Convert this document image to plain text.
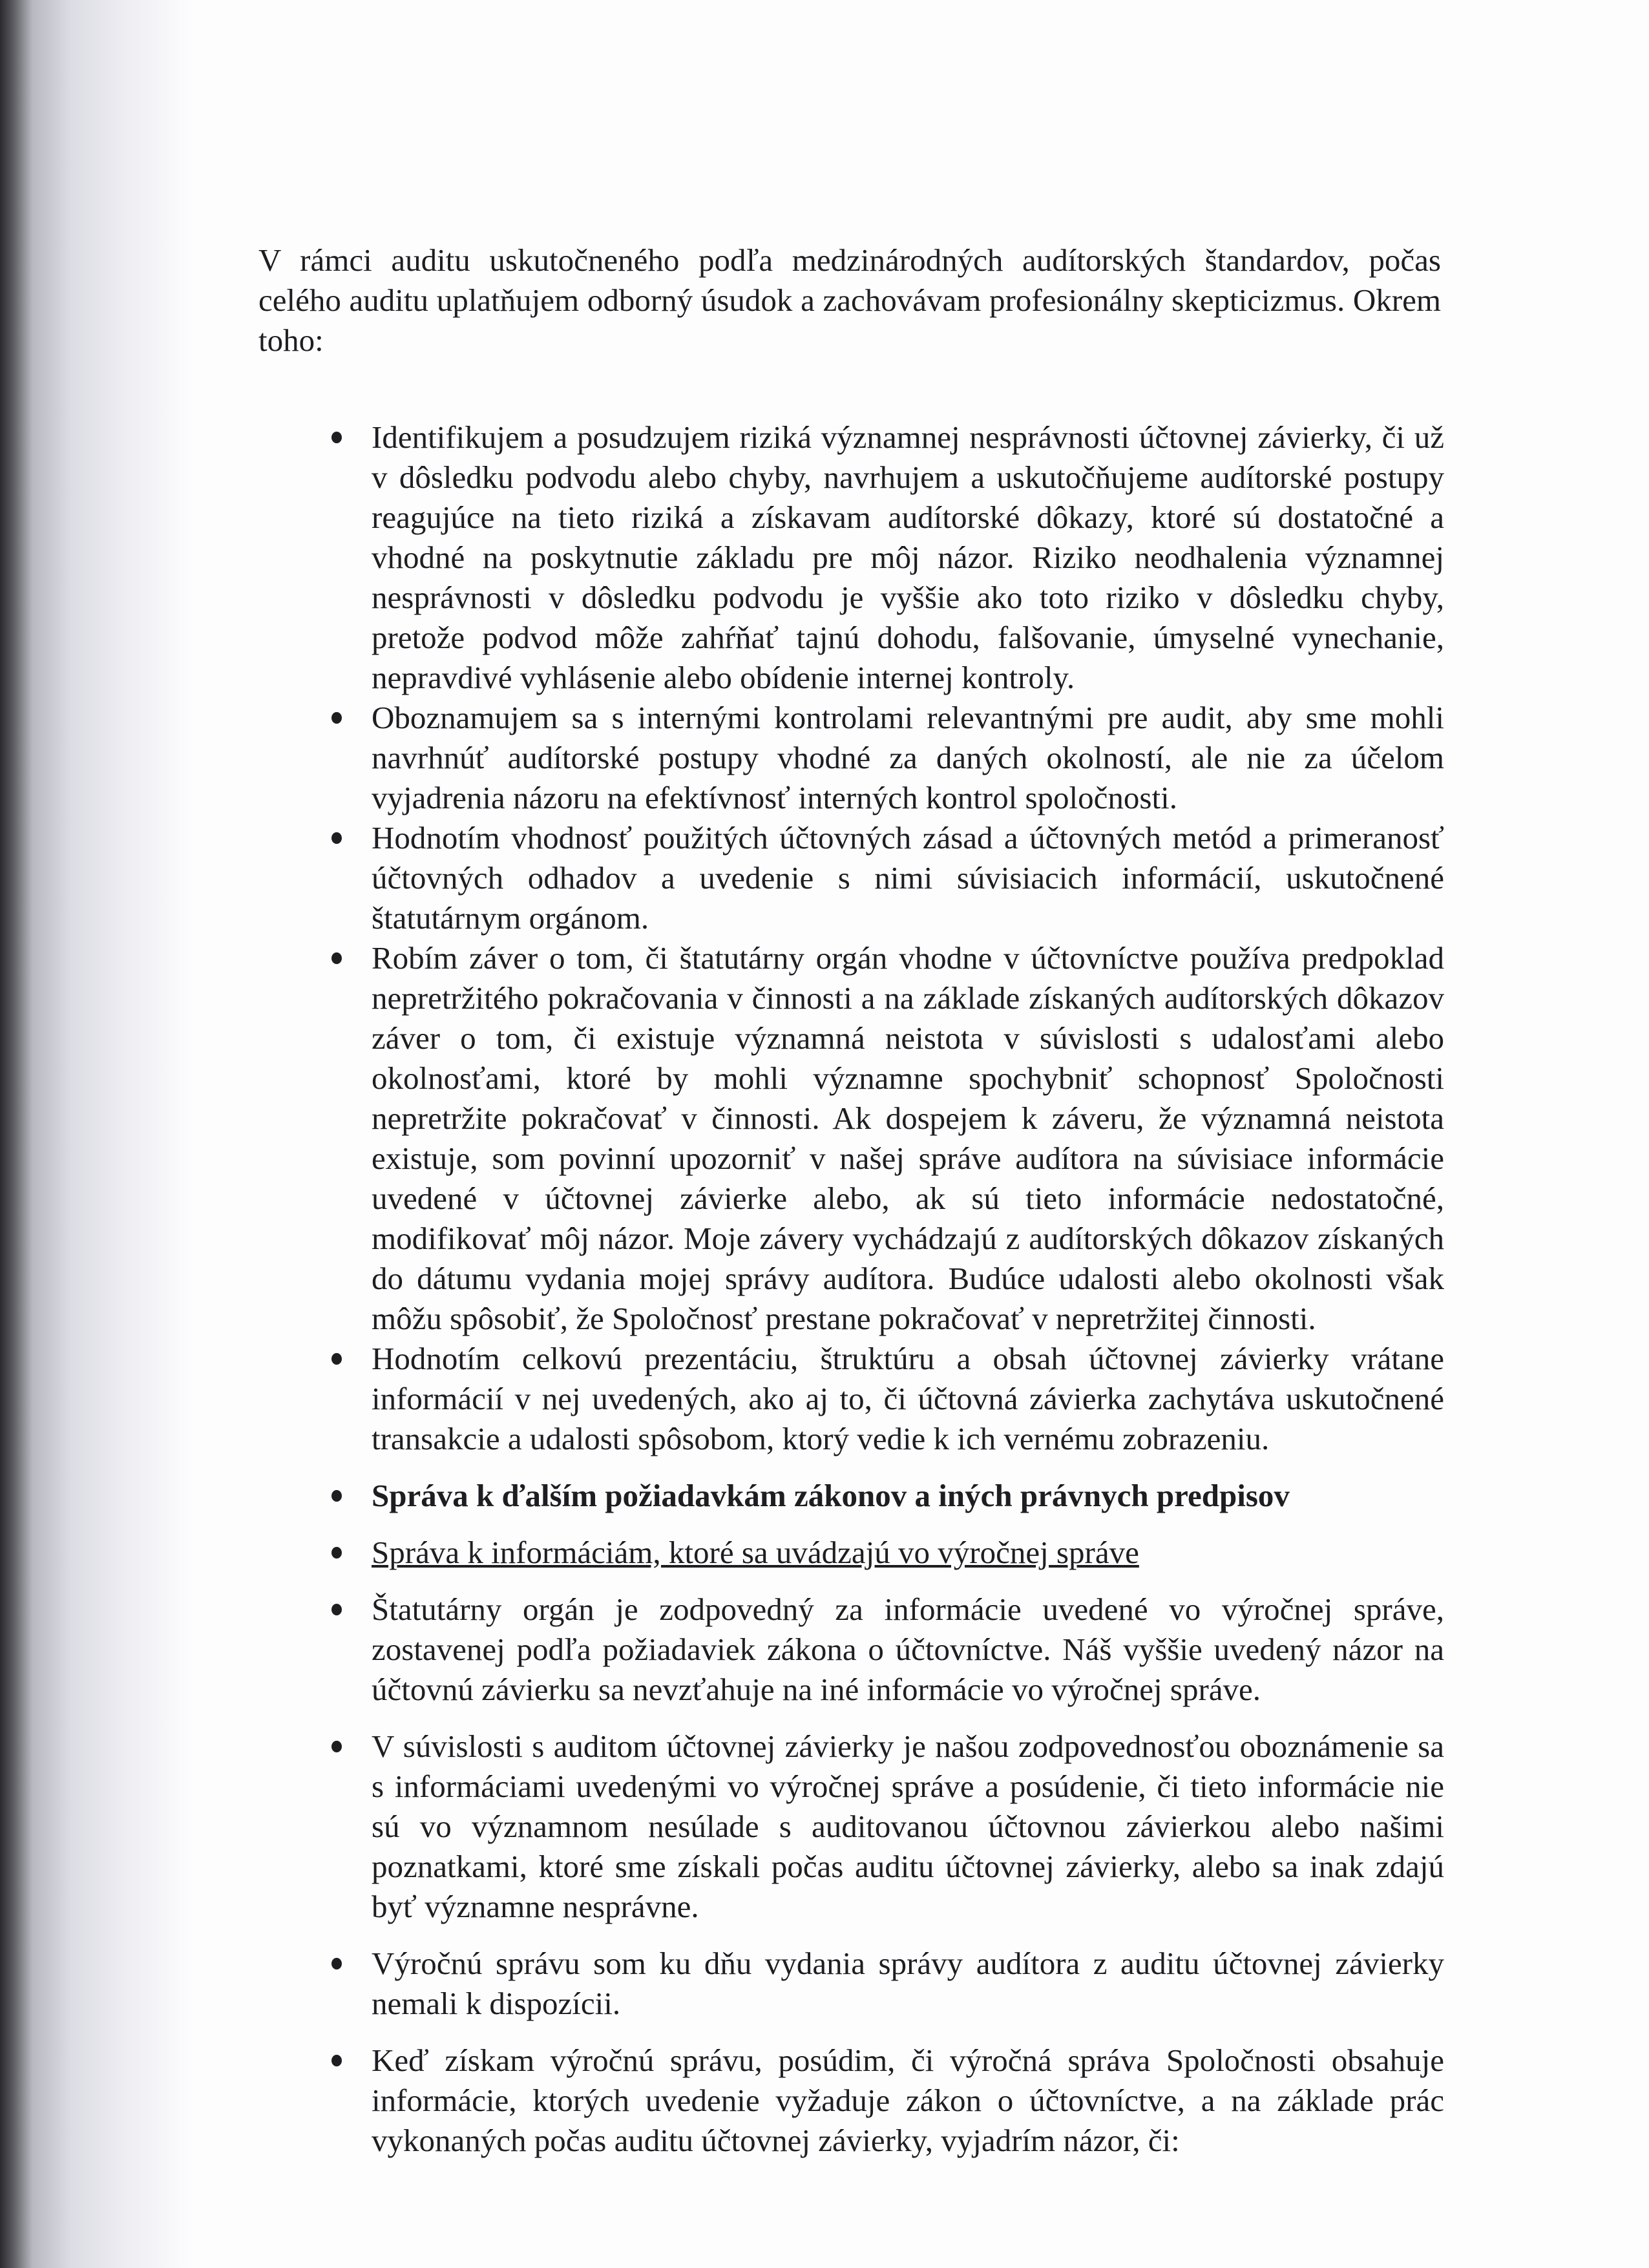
V rámci auditu uskutočneného podľa medzinárodných audítorských štandardov, počas celého auditu uplatňujem odborný úsudok a zachovávam profesionálny skepticizmus. Okrem toho:

Identifikujem a posudzujem riziká významnej nesprávnosti účtovnej závierky, či už v dôsledku podvodu alebo chyby, navrhujem a uskutočňujeme audítorské postupy reagujúce na tieto riziká a získavam audítorské dôkazy, ktoré sú dostatočné a vhodné na poskytnutie základu pre môj názor. Riziko neodhalenia významnej nesprávnosti v dôsledku podvodu je vyššie ako toto riziko v dôsledku chyby, pretože podvod môže zahŕňať tajnú dohodu, falšovanie, úmyselné vynechanie, nepravdivé vyhlásenie alebo obídenie internej kontroly.
Oboznamujem sa s internými kontrolami relevantnými pre audit, aby sme mohli navrhnúť audítorské postupy vhodné za daných okolností, ale nie za účelom vyjadrenia názoru na efektívnosť interných kontrol spoločnosti.
Hodnotím vhodnosť použitých účtovných zásad a účtovných metód a primeranosť účtovných odhadov a uvedenie s nimi súvisiacich informácií, uskutočnené štatutárnym orgánom.
Robím záver o tom, či štatutárny orgán vhodne v účtovníctve používa predpoklad nepretržitého pokračovania v činnosti a na základe získaných audítorských dôkazov záver o tom, či existuje významná neistota v súvislosti s udalosťami alebo okolnosťami, ktoré by mohli významne spochybniť schopnosť Spoločnosti nepretržite pokračovať v činnosti. Ak dospejem k záveru, že významná neistota existuje, som povinní upozorniť v našej správe audítora na súvisiace informácie uvedené v účtovnej závierke alebo, ak sú tieto informácie nedostatočné, modifikovať môj názor. Moje závery vychádzajú z audítorských dôkazov získaných do dátumu vydania mojej správy audítora. Budúce udalosti alebo okolnosti však môžu spôsobiť, že Spoločnosť prestane pokračovať v nepretržitej činnosti.
Hodnotím celkovú prezentáciu, štruktúru a obsah účtovnej závierky vrátane informácií v nej uvedených, ako aj to, či účtovná závierka zachytáva uskutočnené transakcie a udalosti spôsobom, ktorý vedie k ich vernému zobrazeniu.
Správa k ďalším požiadavkám zákonov a iných právnych predpisov
Správa k informáciám, ktoré sa uvádzajú vo výročnej správe
Štatutárny orgán je zodpovedný za informácie uvedené vo výročnej správe, zostavenej podľa požiadaviek zákona o účtovníctve. Náš vyššie uvedený názor na účtovnú závierku sa nevzťahuje na iné informácie vo výročnej správe.
V súvislosti s auditom účtovnej závierky je našou zodpovednosťou oboznámenie sa s informáciami uvedenými vo výročnej správe a posúdenie, či tieto informácie nie sú vo významnom nesúlade s auditovanou účtovnou závierkou alebo našimi poznatkami, ktoré sme získali počas auditu účtovnej závierky, alebo sa inak zdajú byť významne nesprávne.
Výročnú správu som ku dňu vydania správy audítora z auditu účtovnej závierky nemali k dispozícii.
Keď získam výročnú správu, posúdim, či výročná správa Spoločnosti obsahuje informácie, ktorých uvedenie vyžaduje zákon o účtovníctve, a na základe prác vykonaných počas auditu účtovnej závierky, vyjadrím názor, či:
